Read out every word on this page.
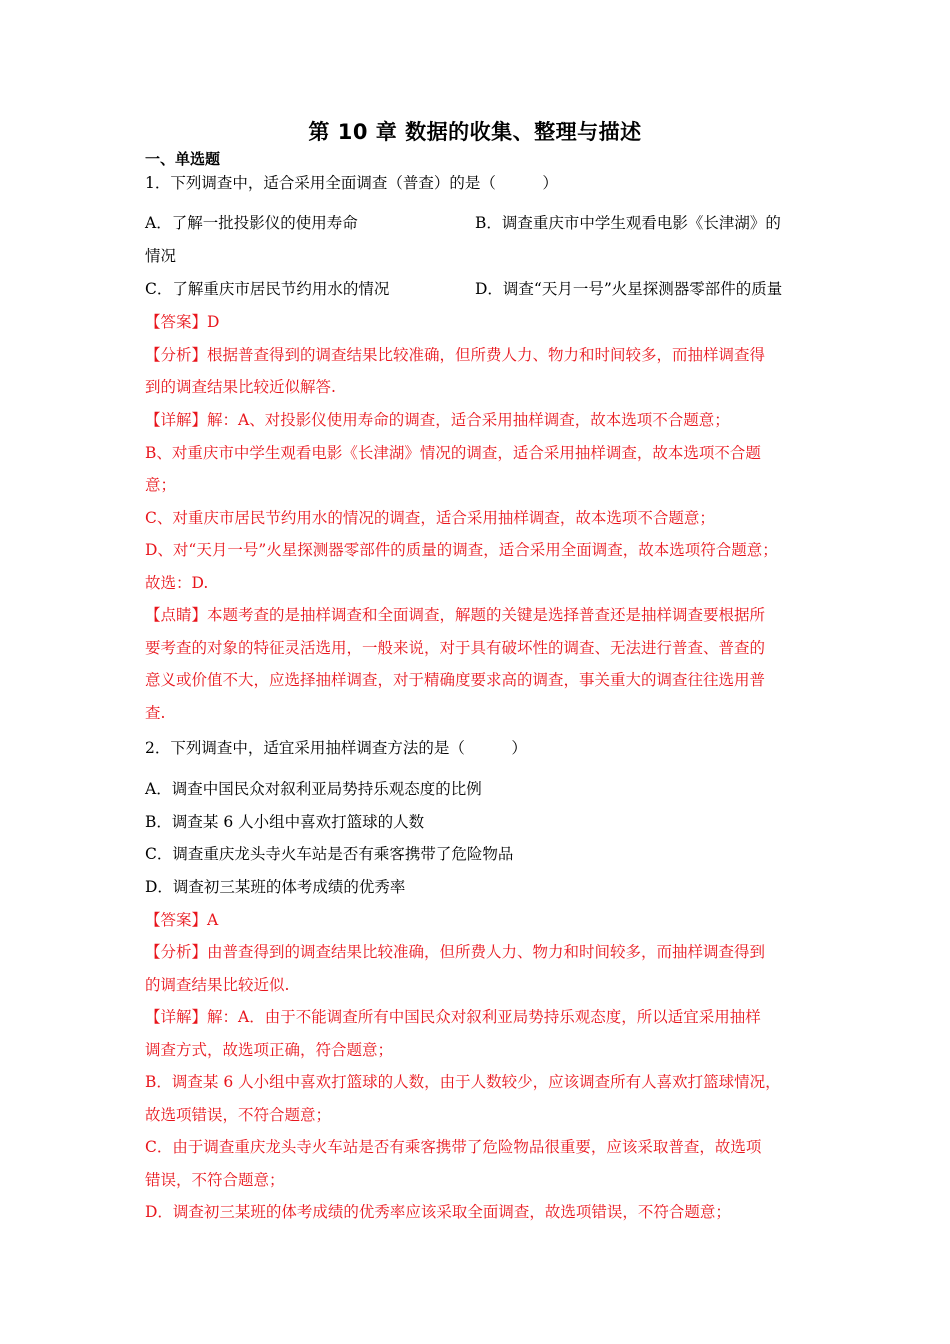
第 10 章 数据的收集、整理与描述
一、单选题
1．下列调查中，适合采用全面调查（普查）的是（　　　）
A．了解一批投影仪的使用寿命	B．调查重庆市中学生观看电影《长津湖》的
情况
C．了解重庆市居民节约用水的情况	D．调查“天月一号”火星探测器零部件的质量
【答案】D
【分析】根据普查得到的调查结果比较准确，但所费人力、物力和时间较多，而抽样调查得
到的调查结果比较近似解答.
【详解】解：A、对投影仪使用寿命的调查，适合采用抽样调查，故本选项不合题意；
B、对重庆市中学生观看电影《长津湖》情况的调查，适合采用抽样调查，故本选项不合题
意；
C、对重庆市居民节约用水的情况的调查，适合采用抽样调查，故本选项不合题意；
D、对“天月一号”火星探测器零部件的质量的调查，适合采用全面调查，故本选项符合题意；
故选：D.
【点睛】本题考查的是抽样调查和全面调查，解题的关键是选择普查还是抽样调查要根据所
要考查的对象的特征灵活选用，一般来说，对于具有破坏性的调查、无法进行普查、普查的
意义或价值不大，应选择抽样调查，对于精确度要求高的调查，事关重大的调查往往选用普
查.
2．下列调查中，适宜采用抽样调查方法的是（　　　）
A．调查中国民众对叙利亚局势持乐观态度的比例
B．调查某 6 人小组中喜欢打篮球的人数
C．调查重庆龙头寺火车站是否有乘客携带了危险物品
D．调查初三某班的体考成绩的优秀率
【答案】A
【分析】由普查得到的调查结果比较准确，但所费人力、物力和时间较多，而抽样调查得到
的调查结果比较近似.
【详解】解：A．由于不能调查所有中国民众对叙利亚局势持乐观态度，所以适宜采用抽样
调查方式，故选项正确，符合题意；
B．调查某 6 人小组中喜欢打篮球的人数，由于人数较少，应该调查所有人喜欢打篮球情况，
故选项错误，不符合题意；
C．由于调查重庆龙头寺火车站是否有乘客携带了危险物品很重要，应该采取普查，故选项
错误，不符合题意；
D．调查初三某班的体考成绩的优秀率应该采取全面调查，故选项错误，不符合题意；
